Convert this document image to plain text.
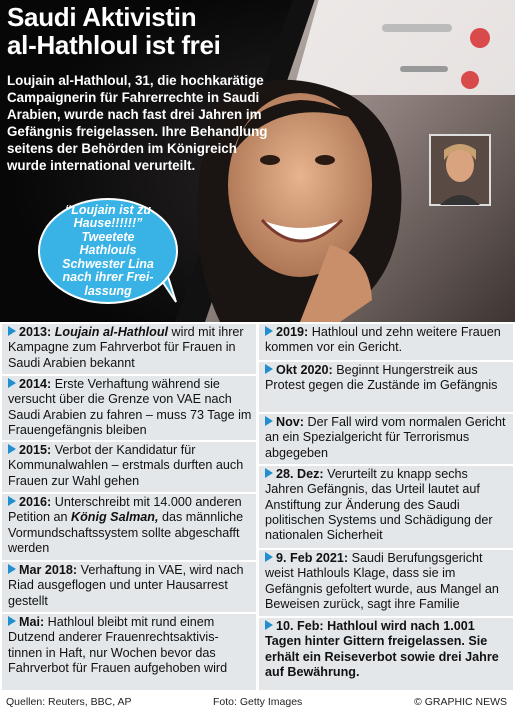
Saudi Aktivistin
al-Hathloul ist frei
Loujain al-Hathloul, 31, die hochkarätige Campaignerin für Fahrerrechte in Saudi Arabien, wurde nach fast drei Jahren im Gefängnis freigelassen. Ihre Behandlung seitens der Behörden im Königreich wurde international verurteilt.
“Loujain ist zu Hause!!!!!!” Tweetete Hathlouls Schwester Lina nach ihrer Frei-lassung
2013: Loujain al-Hathloul wird mit ihrer Kampagne zum Fahrverbot für Frauen in Saudi Arabien bekannt
2014: Erste Verhaftung während sie versucht über die Grenze von VAE nach Saudi Arabien zu fahren – muss 73 Tage im Frauengefängnis bleiben
2015: Verbot der Kandidatur für Kommunalwahlen – erstmals durften auch Frauen zur Wahl gehen
2016: Unterschreibt mit 14.000 anderen Petition an König Salman, das männliche Vormundschaftssystem sollte abgeschafft werden
Mar 2018: Verhaftung in VAE, wird nach Riad ausgeflogen und unter Hausarrest gestellt
Mai: Hathloul bleibt mit rund einem Dutzend anderer Frauenrechtsaktivis-tinnen in Haft, nur Wochen bevor das Fahrverbot für Frauen aufgehoben wird
2019: Hathloul und zehn weitere Frauen kommen vor ein Gericht.
Okt 2020: Beginnt Hungerstreik aus Protest gegen die Zustände im Gefängnis
Nov: Der Fall wird vom normalen Gericht an ein Spezialgericht für Terrorismus abgegeben
28. Dez: Verurteilt zu knapp sechs Jahren Gefängnis, das Urteil lautet auf Anstiftung zur Änderung des Saudi politischen Systems und Schädigung der nationalen Sicherheit
9. Feb 2021: Saudi Berufungsgericht weist Hathlouls Klage, dass sie im Gefängnis gefoltert wurde, aus Mangel an Beweisen zurück, sagt ihre Familie
10. Feb: Hathloul wird nach 1.001 Tagen hinter Gittern freigelassen. Sie erhält ein Reiseverbot sowie drei Jahre auf Bewährung.
Quellen: Reuters, BBC, AP	Foto: Getty Images	© GRAPHIC NEWS
